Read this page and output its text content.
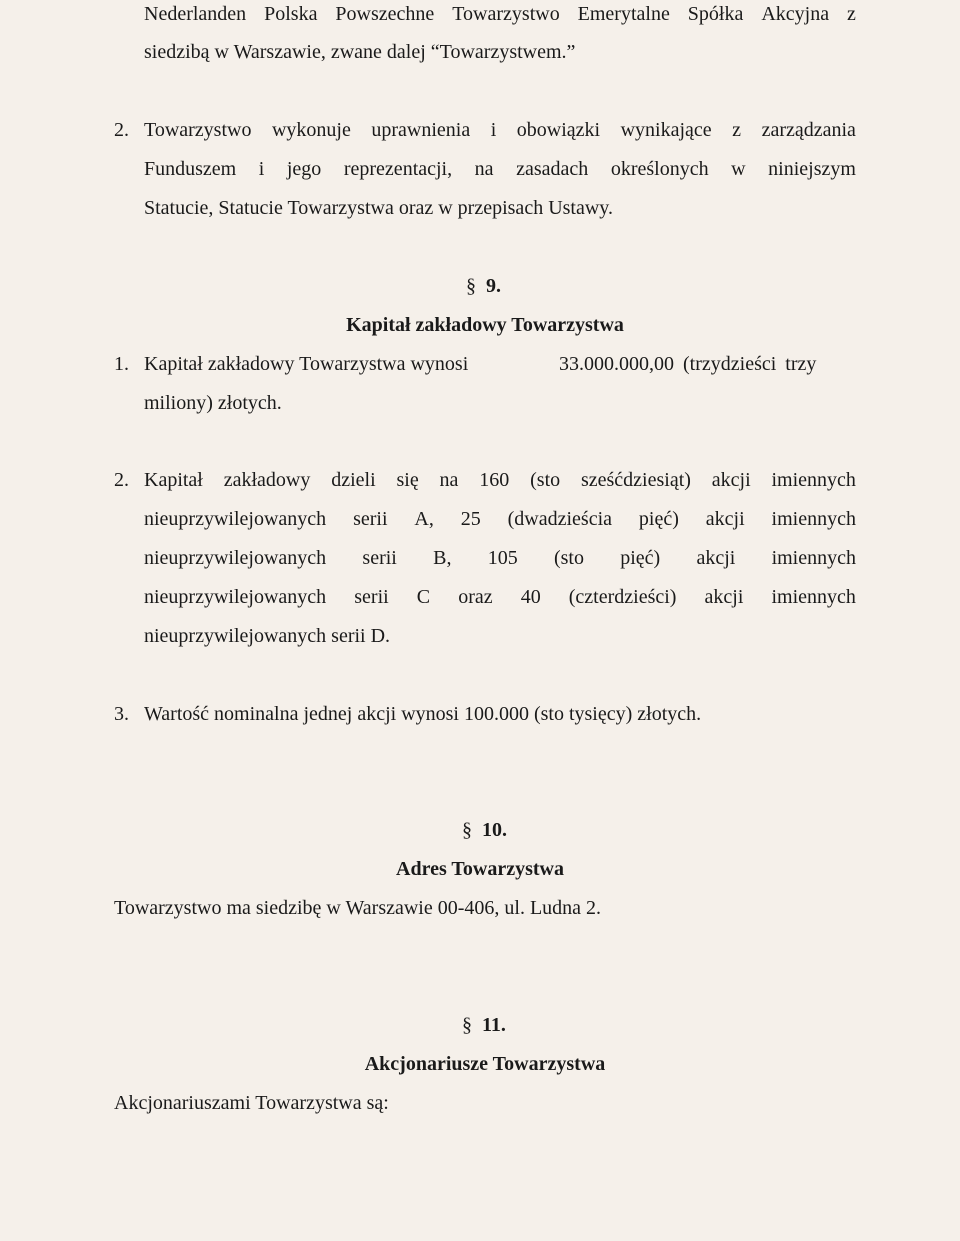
Nederlanden Polska Powszechne Towarzystwo Emerytalne Spółka Akcyjna z
siedzibą w Warszawie, zwane dalej “Towarzystwem.”
2. Towarzystwo wykonuje uprawnienia i obowiązki wynikające z zarządzania
Funduszem i jego reprezentacji, na zasadach określonych w niniejszym
Statucie, Statucie Towarzystwa oraz w przepisach Ustawy.
§ 9.
Kapitał zakładowy Towarzystwa
1. Kapitał zakładowy Towarzystwa wynosi	33.000.000,00 (trzydzieści trzy
miliony) złotych.
2. Kapitał zakładowy dzieli się na 160 (sto sześćdziesiąt) akcji imiennych
nieuprzywilejowanych serii A, 25 (dwadzieścia pięć) akcji imiennych
nieuprzywilejowanych serii B, 105 (sto pięć) akcji imiennych
nieuprzywilejowanych serii C oraz 40 (czterdzieści) akcji imiennych
nieuprzywilejowanych serii D.
3. Wartość nominalna jednej akcji wynosi 100.000 (sto tysięcy) złotych.
§ 10.
Adres Towarzystwa
Towarzystwo ma siedzibę w Warszawie 00-406, ul. Ludna 2.
§ 11.
Akcjonariusze Towarzystwa
Akcjonariuszami Towarzystwa są:
